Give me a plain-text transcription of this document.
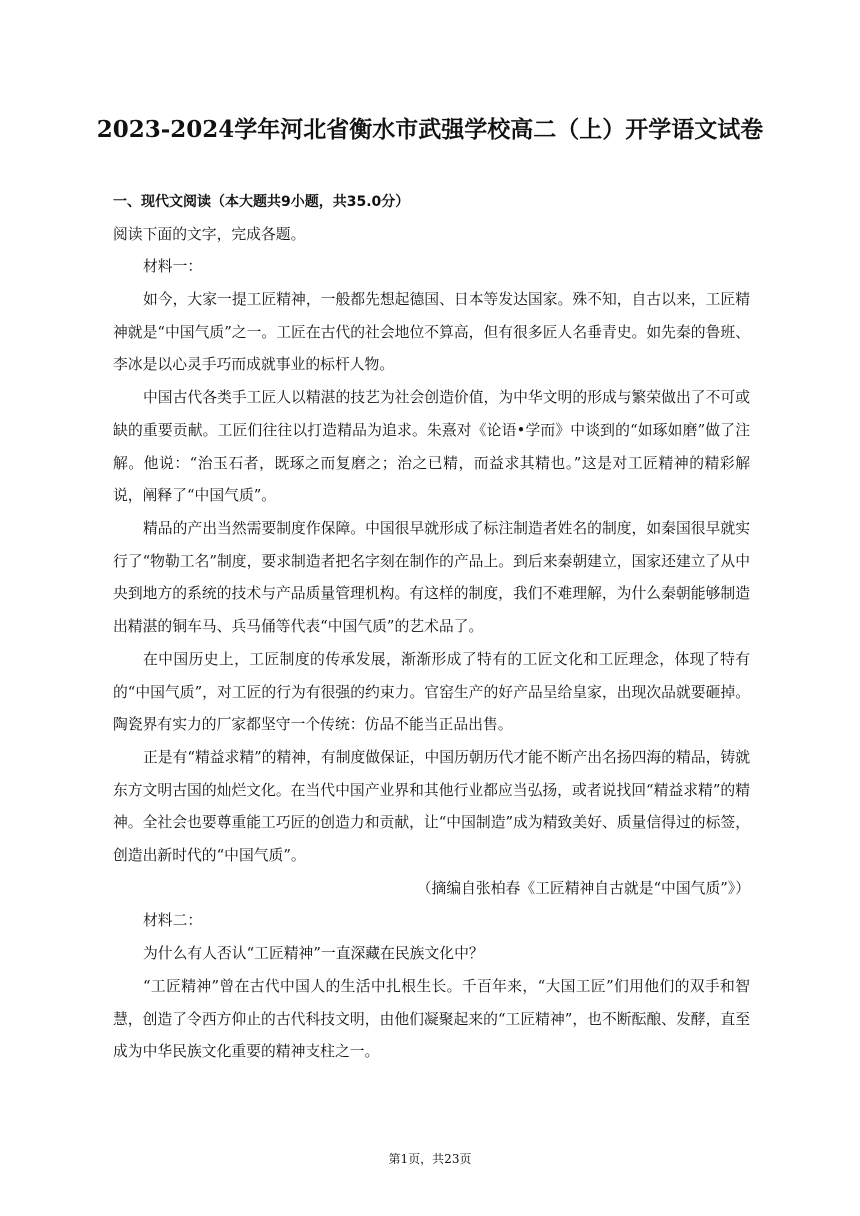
2023-2024学年河北省衡水市武强学校高二（上）开学语文试卷
一、现代文阅读（本大题共9小题，共35.0分）
阅读下面的文字，完成各题。
材料一：
如今，大家一提工匠精神，一般都先想起德国、日本等发达国家。殊不知，自古以来，工匠精神就是“中国气质”之一。工匠在古代的社会地位不算高，但有很多匠人名垂青史。如先秦的鲁班、李冰是以心灵手巧而成就事业的标杆人物。
中国古代各类手工匠人以精湛的技艺为社会创造价值，为中华文明的形成与繁荣做出了不可或缺的重要贡献。工匠们往往以打造精品为追求。朱熹对《论语•学而》中谈到的“如琢如磨”做了注解。他说：“治玉石者，既琢之而复磨之；治之已精，而益求其精也。”这是对工匠精神的精彩解说，阐释了“中国气质”。
精品的产出当然需要制度作保障。中国很早就形成了标注制造者姓名的制度，如秦国很早就实行了“物勒工名”制度，要求制造者把名字刻在制作的产品上。到后来秦朝建立，国家还建立了从中央到地方的系统的技术与产品质量管理机构。有这样的制度，我们不难理解，为什么秦朝能够制造出精湛的铜车马、兵马俑等代表“中国气质”的艺术品了。
在中国历史上，工匠制度的传承发展，渐渐形成了特有的工匠文化和工匠理念，体现了特有的“中国气质”，对工匠的行为有很强的约束力。官窑生产的好产品呈给皇家，出现次品就要砸掉。陶瓷界有实力的厂家都坚守一个传统：仿品不能当正品出售。
正是有“精益求精”的精神，有制度做保证，中国历朝历代才能不断产出名扬四海的精品，铸就东方文明古国的灿烂文化。在当代中国产业界和其他行业都应当弘扬，或者说找回“精益求精”的精神。全社会也要尊重能工巧匠的创造力和贡献，让“中国制造”成为精致美好、质量信得过的标签，创造出新时代的“中国气质”。
（摘编自张柏春《工匠精神自古就是“中国气质”》）
材料二：
为什么有人否认“工匠精神”一直深藏在民族文化中？
“工匠精神”曾在古代中国人的生活中扎根生长。千百年来，“大国工匠”们用他们的双手和智慧，创造了令西方仰止的古代科技文明，由他们凝聚起来的“工匠精神”，也不断酝酿、发酵，直至成为中华民族文化重要的精神支柱之一。
第1页，共23页
